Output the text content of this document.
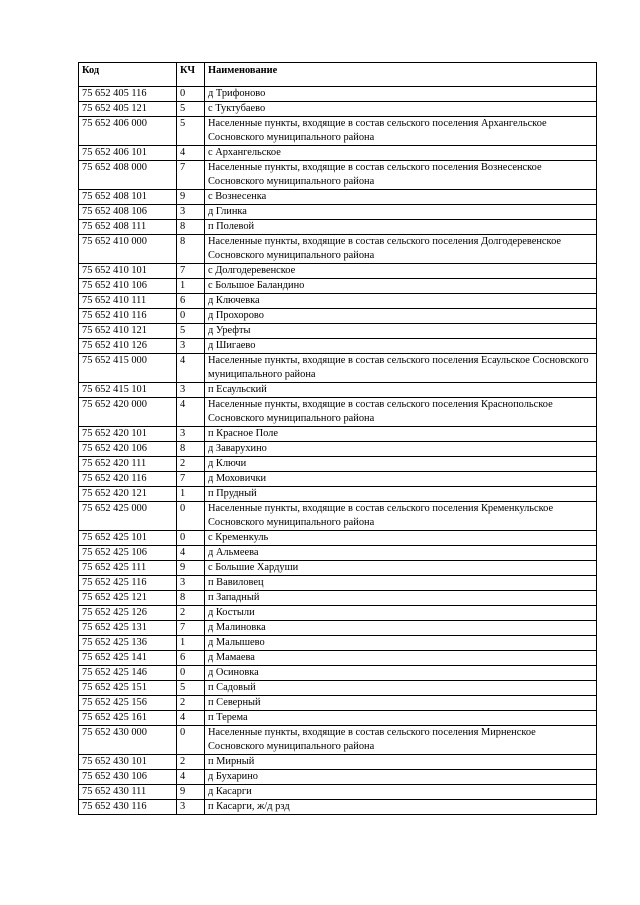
Код	КЧ	Наименование
75 652 405 116	0	д Трифоново
75 652 405 121	5	с Туктубаево
75 652 406 000	5	Населенные пункты, входящие в состав сельского поселения Архангельское Сосновского муниципального района
75 652 406 101	4	с Архангельское
75 652 408 000	7	Населенные пункты, входящие в состав сельского поселения Вознесенское Сосновского муниципального района
75 652 408 101	9	с Вознесенка
75 652 408 106	3	д Глинка
75 652 408 111	8	п Полевой
75 652 410 000	8	Населенные пункты, входящие в состав сельского поселения Долгодеревенское Сосновского муниципального района
75 652 410 101	7	с Долгодеревенское
75 652 410 106	1	с Большое Баландино
75 652 410 111	6	д Ключевка
75 652 410 116	0	д Прохорово
75 652 410 121	5	д Урефты
75 652 410 126	3	д Шигаево
75 652 415 000	4	Населенные пункты, входящие в состав сельского поселения Есаульское Сосновского муниципального района
75 652 415 101	3	п Есаульский
75 652 420 000	4	Населенные пункты, входящие в состав сельского поселения Краснопольское Сосновского муниципального района
75 652 420 101	3	п Красное Поле
75 652 420 106	8	д Заварухино
75 652 420 111	2	д Ключи
75 652 420 116	7	д Моховички
75 652 420 121	1	п Прудный
75 652 425 000	0	Населенные пункты, входящие в состав сельского поселения Кременкульское Сосновского муниципального района
75 652 425 101	0	с Кременкуль
75 652 425 106	4	д Альмеева
75 652 425 111	9	с Большие Хардуши
75 652 425 116	3	п Вавиловец
75 652 425 121	8	п Западный
75 652 425 126	2	д Костыли
75 652 425 131	7	д Малиновка
75 652 425 136	1	д Малышево
75 652 425 141	6	д Мамаева
75 652 425 146	0	д Осиновка
75 652 425 151	5	п Садовый
75 652 425 156	2	п Северный
75 652 425 161	4	п Терема
75 652 430 000	0	Населенные пункты, входящие в состав сельского поселения Мирненское Сосновского муниципального района
75 652 430 101	2	п Мирный
75 652 430 106	4	д Бухарино
75 652 430 111	9	д Касарги
75 652 430 116	3	п Касарги, ж/д рзд
